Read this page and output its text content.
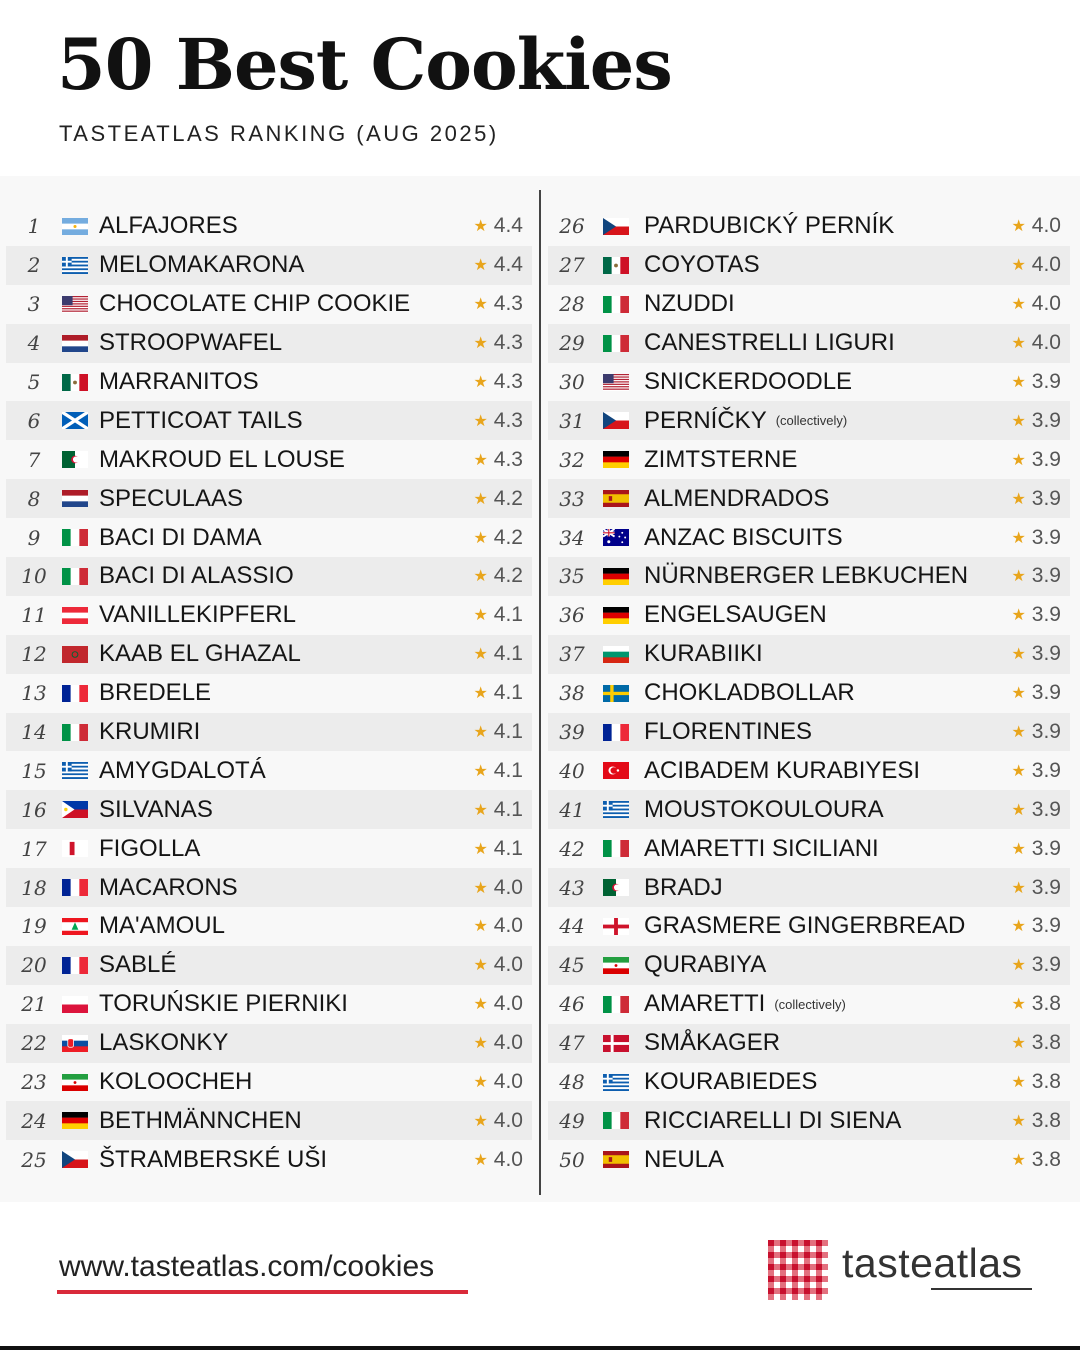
50 Best Cookies
TASTEATLAS RANKING (AUG 2025)
1	ALFAJORES	★ 4.4
2	MELOMAKARONA	★ 4.4
3	CHOCOLATE CHIP COOKIE	★ 4.3
4	STROOPWAFEL	★ 4.3
5	MARRANITOS	★ 4.3
6	PETTICOAT TAILS	★ 4.3
7	MAKROUD EL LOUSE	★ 4.3
8	SPECULAAS	★ 4.2
9	BACI DI DAMA	★ 4.2
10	BACI DI ALASSIO	★ 4.2
11	VANILLEKIPFERL	★ 4.1
12	KAAB EL GHAZAL	★ 4.1
13	BREDELE	★ 4.1
14	KRUMIRI	★ 4.1
15	AMYGDALOTÁ	★ 4.1
16	SILVANAS	★ 4.1
17	FIGOLLA	★ 4.1
18	MACARONS	★ 4.0
19	MA'AMOUL	★ 4.0
20	SABLÉ	★ 4.0
21	TORUŃSKIE PIERNIKI	★ 4.0
22	LASKONKY	★ 4.0
23	KOLOOCHEH	★ 4.0
24	BETHMÄNNCHEN	★ 4.0
25	ŠTRAMBERSKÉ UŠI	★ 4.0
26	PARDUBICKÝ PERNÍK	★ 4.0
27	COYOTAS	★ 4.0
28	NZUDDI	★ 4.0
29	CANESTRELLI LIGURI	★ 4.0
30	SNICKERDOODLE	★ 3.9
31	PERNÍČKY (collectively)	★ 3.9
32	ZIMTSTERNE	★ 3.9
33	ALMENDRADOS	★ 3.9
34	ANZAC BISCUITS	★ 3.9
35	NÜRNBERGER LEBKUCHEN	★ 3.9
36	ENGELSAUGEN	★ 3.9
37	KURABIIKI	★ 3.9
38	CHOKLADBOLLAR	★ 3.9
39	FLORENTINES	★ 3.9
40	ACIBADEM KURABIYESI	★ 3.9
41	MOUSTOKOULOURA	★ 3.9
42	AMARETTI SICILIANI	★ 3.9
43	BRADJ	★ 3.9
44	GRASMERE GINGERBREAD	★ 3.9
45	QURABIYA	★ 3.9
46	AMARETTI (collectively)	★ 3.8
47	SMÅKAGER	★ 3.8
48	KOURABIEDES	★ 3.8
49	RICCIARELLI DI SIENA	★ 3.8
50	NEULA	★ 3.8
www.tasteatlas.com/cookies	tasteatlas
